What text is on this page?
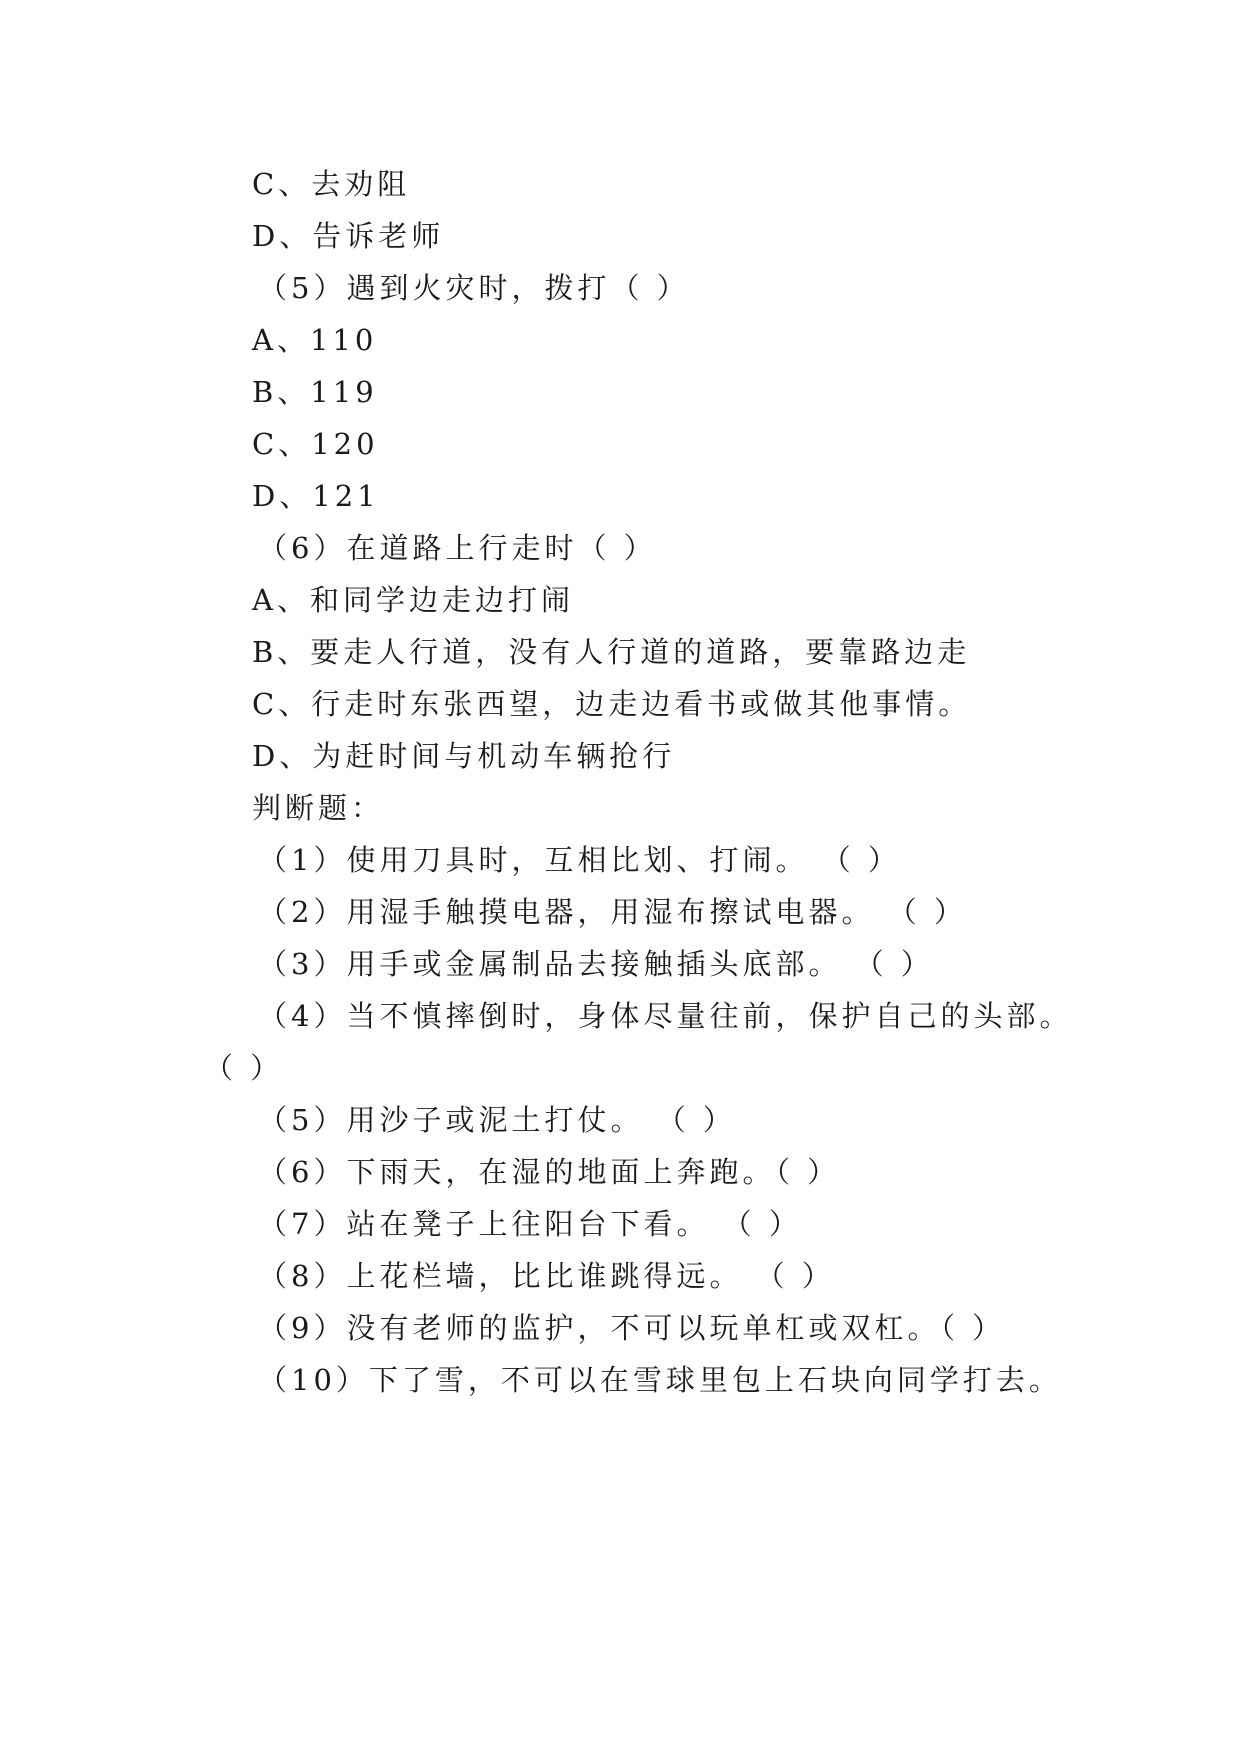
C、去劝阻
D、告诉老师
（5）遇到火灾时，拨打（ ）
A、110
B、119
C、120
D、121
（6）在道路上行走时（ ）
A、和同学边走边打闹
B、要走人行道，没有人行道的道路，要靠路边走
C、行走时东张西望，边走边看书或做其他事情。
D、为赶时间与机动车辆抢行
判断题：
（1）使用刀具时，互相比划、打闹。 （ ）
（2）用湿手触摸电器，用湿布擦试电器。 （ ）
（3）用手或金属制品去接触插头底部。 （ ）
（4）当不慎摔倒时，身体尽量往前，保护自己的头部。
（ ）
（5）用沙子或泥土打仗。 （ ）
（6）下雨天，在湿的地面上奔跑。（ ）
（7）站在凳子上往阳台下看。 （ ）
（8）上花栏墙，比比谁跳得远。 （ ）
（9）没有老师的监护，不可以玩单杠或双杠。（ ）
（10）下了雪，不可以在雪球里包上石块向同学打去。
